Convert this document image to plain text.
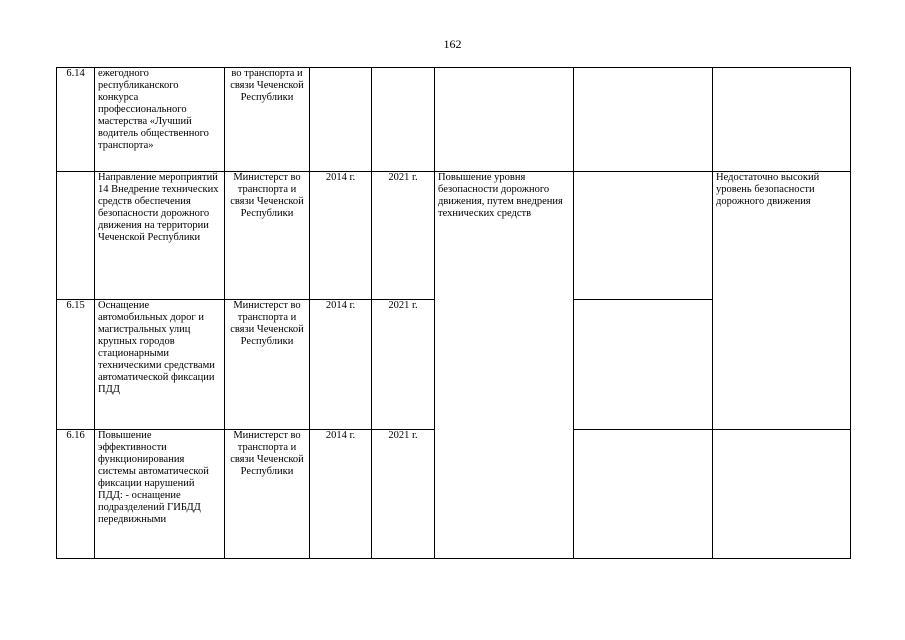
162
6.14	ежегодного республиканского конкурса профессионального мастерства «Лучший водитель общественного транспорта»	во транспорта и связи Чеченской Республики					
	Направление мероприятий 14 Внедрение технических средств обеспечения безопасности дорожного движения на территории Чеченской Республики	Министерст во транспорта и связи Чеченской Республики	2014 г.	2021 г.	Повышение уровня безопасности дорожного движения, путем внедрения технических средств		Недостаточно высокий уровень безопасности дорожного движения
6.15	Оснащение автомобильных дорог и магистральных улиц крупных городов стационарными техническими средствами автоматической фиксации ПДД	Министерст во транспорта и связи Чеченской Республики	2014 г.	2021 г.			
6.16	Повышение эффективности функционирования системы автоматической фиксации нарушений ПДД: - оснащение подразделений ГИБДД передвижными	Министерст во транспорта и связи Чеченской Республики	2014 г.	2021 г.			
